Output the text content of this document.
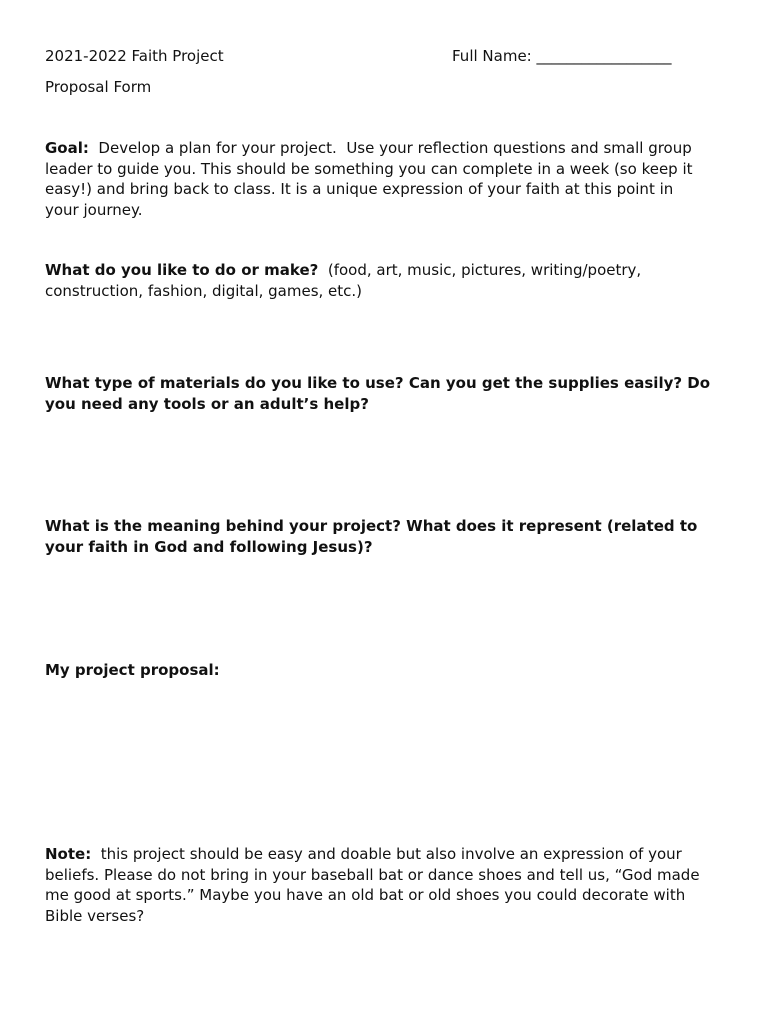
2021-2022 Faith Project	Full Name: __________________
Proposal Form
Goal:  Develop a plan for your project.  Use your reflection questions and small group
leader to guide you. This should be something you can complete in a week (so keep it
easy!) and bring back to class. It is a unique expression of your faith at this point in
your journey.
What do you like to do or make?  (food, art, music, pictures, writing/poetry,
construction, fashion, digital, games, etc.)
What type of materials do you like to use? Can you get the supplies easily? Do
you need any tools or an adult’s help?
What is the meaning behind your project? What does it represent (related to
your faith in God and following Jesus)?
My project proposal:
Note:  this project should be easy and doable but also involve an expression of your
beliefs. Please do not bring in your baseball bat or dance shoes and tell us, “God made
me good at sports.” Maybe you have an old bat or old shoes you could decorate with
Bible verses?
